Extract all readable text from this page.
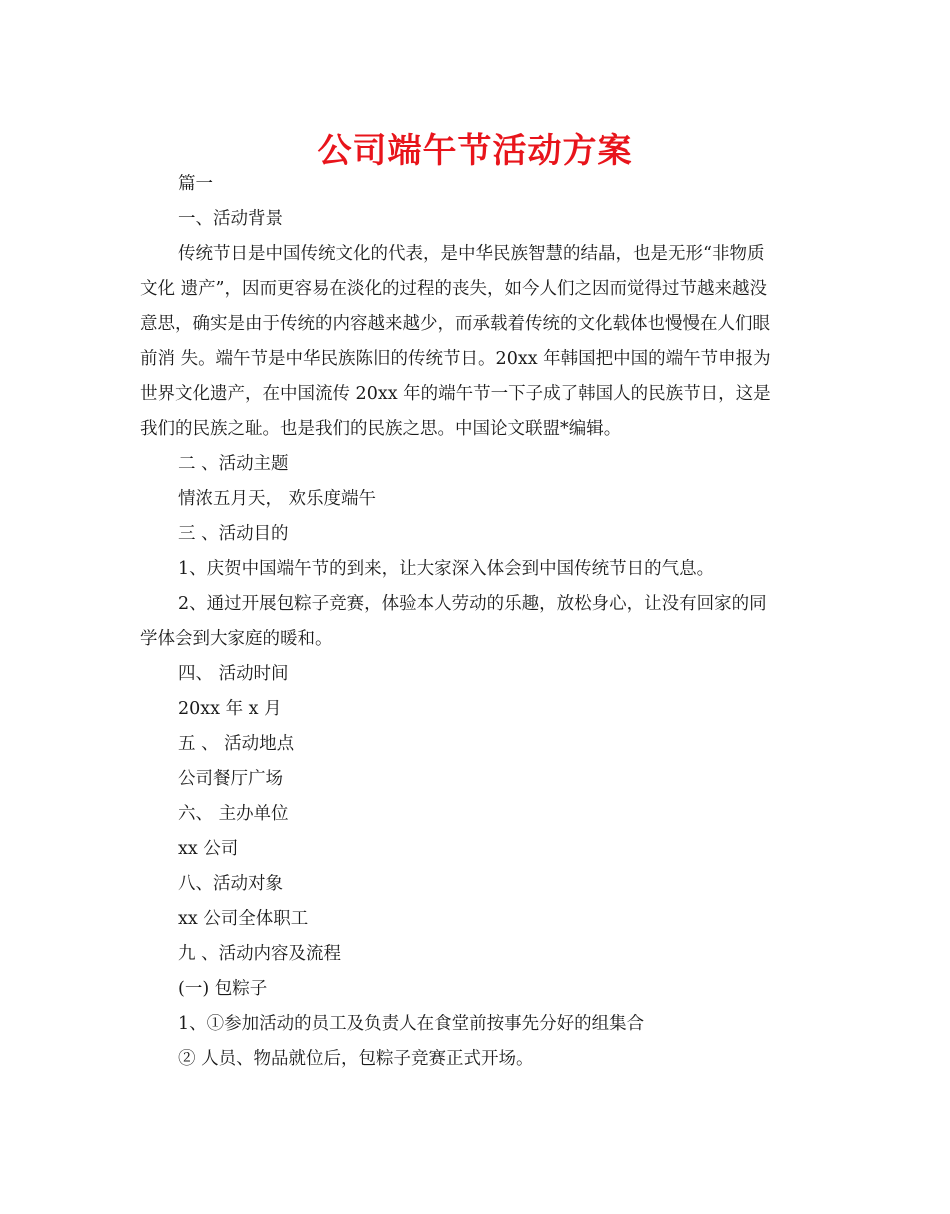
公司端午节活动方案

篇一

一、活动背景

传统节日是中国传统文化的代表，是中华民族智慧的结晶，也是无形“非物质

文化 遗产”，因而更容易在淡化的过程的丧失，如今人们之因而觉得过节越来越没

意思，确实是由于传统的内容越来越少，而承载着传统的文化载体也慢慢在人们眼

前消 失。端午节是中华民族陈旧的传统节日。20xx 年韩国把中国的端午节申报为

世界文化遗产，在中国流传 20xx 年的端午节一下子成了韩国人的民族节日，这是

我们的民族之耻。也是我们的民族之思。中国论文联盟*编辑。

二 、活动主题

情浓五月天， 欢乐度端午

三 、活动目的

1、庆贺中国端午节的到来，让大家深入体会到中国传统节日的气息。

2、通过开展包粽子竞赛，体验本人劳动的乐趣，放松身心，让没有回家的同

学体会到大家庭的暖和。

四、 活动时间

20xx 年 x 月

五 、 活动地点

公司餐厅广场

六、 主办单位

xx 公司

八、活动对象

xx 公司全体职工

九 、活动内容及流程

(一) 包粽子

1、①参加活动的员工及负责人在食堂前按事先分好的组集合

② 人员、物品就位后，包粽子竞赛正式开场。
